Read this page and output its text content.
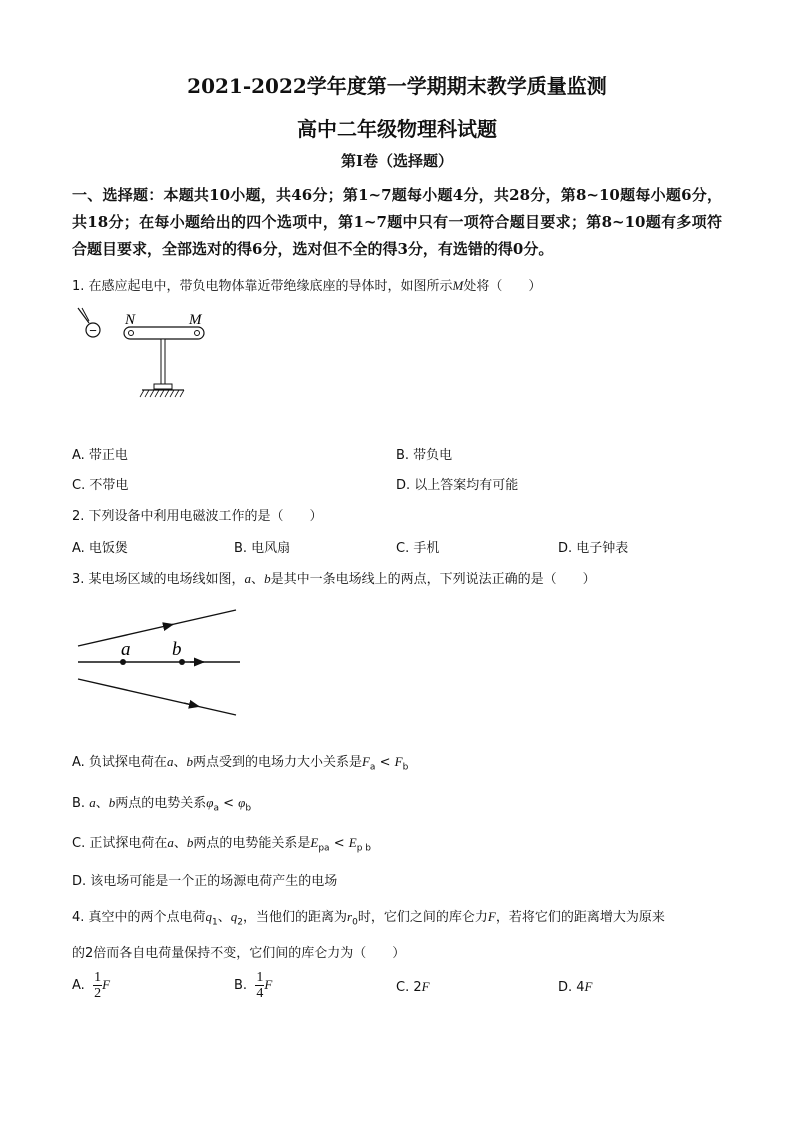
2021-2022学年度第一学期期末教学质量监测
高中二年级物理科试题
第I卷（选择题）
一、选择题：本题共10小题，共46分；第1~7题每小题4分，共28分，第8~10题每小题6分，共18分；在每小题给出的四个选项中，第1~7题中只有一项符合题目要求；第8~10题有多项符合题目要求，全部选对的得6分，选对但不全的得3分，有选错的得0分。
1. 在感应起电中，带负电物体靠近带绝缘底座的导体时，如图所示M处将（　　）
−
N	M
A. 带正电	B. 带负电
C. 不带电	D. 以上答案均有可能
2. 下列设备中利用电磁波工作的是（　　）
A. 电饭煲	B. 电风扇	C. 手机	D. 电子钟表
3. 某电场区域的电场线如图，a、b是其中一条电场线上的两点，下列说法正确的是（　　）
a b
A. 负试探电荷在a、b两点受到的电场力大小关系是$F_a < F_b$
B. a、b两点的电势关系$\varphi_a < \varphi_b$
C. 正试探电荷在a、b两点的电势能关系是$E_{pa} < E_{p b}$
D. 该电场可能是一个正的场源电荷产生的电场
4. 真空中的两个点电荷$q_1$、$q_2$，当他们的距离为$r_0$时，它们之间的库仑力F，若将它们的距离增大为原来
的2倍而各自电荷量保持不变，它们间的库仑力为（　　）
A. $\frac{1}{2}$ F	B. $\frac{1}{4}$ F	C. 2F	D. 4F
